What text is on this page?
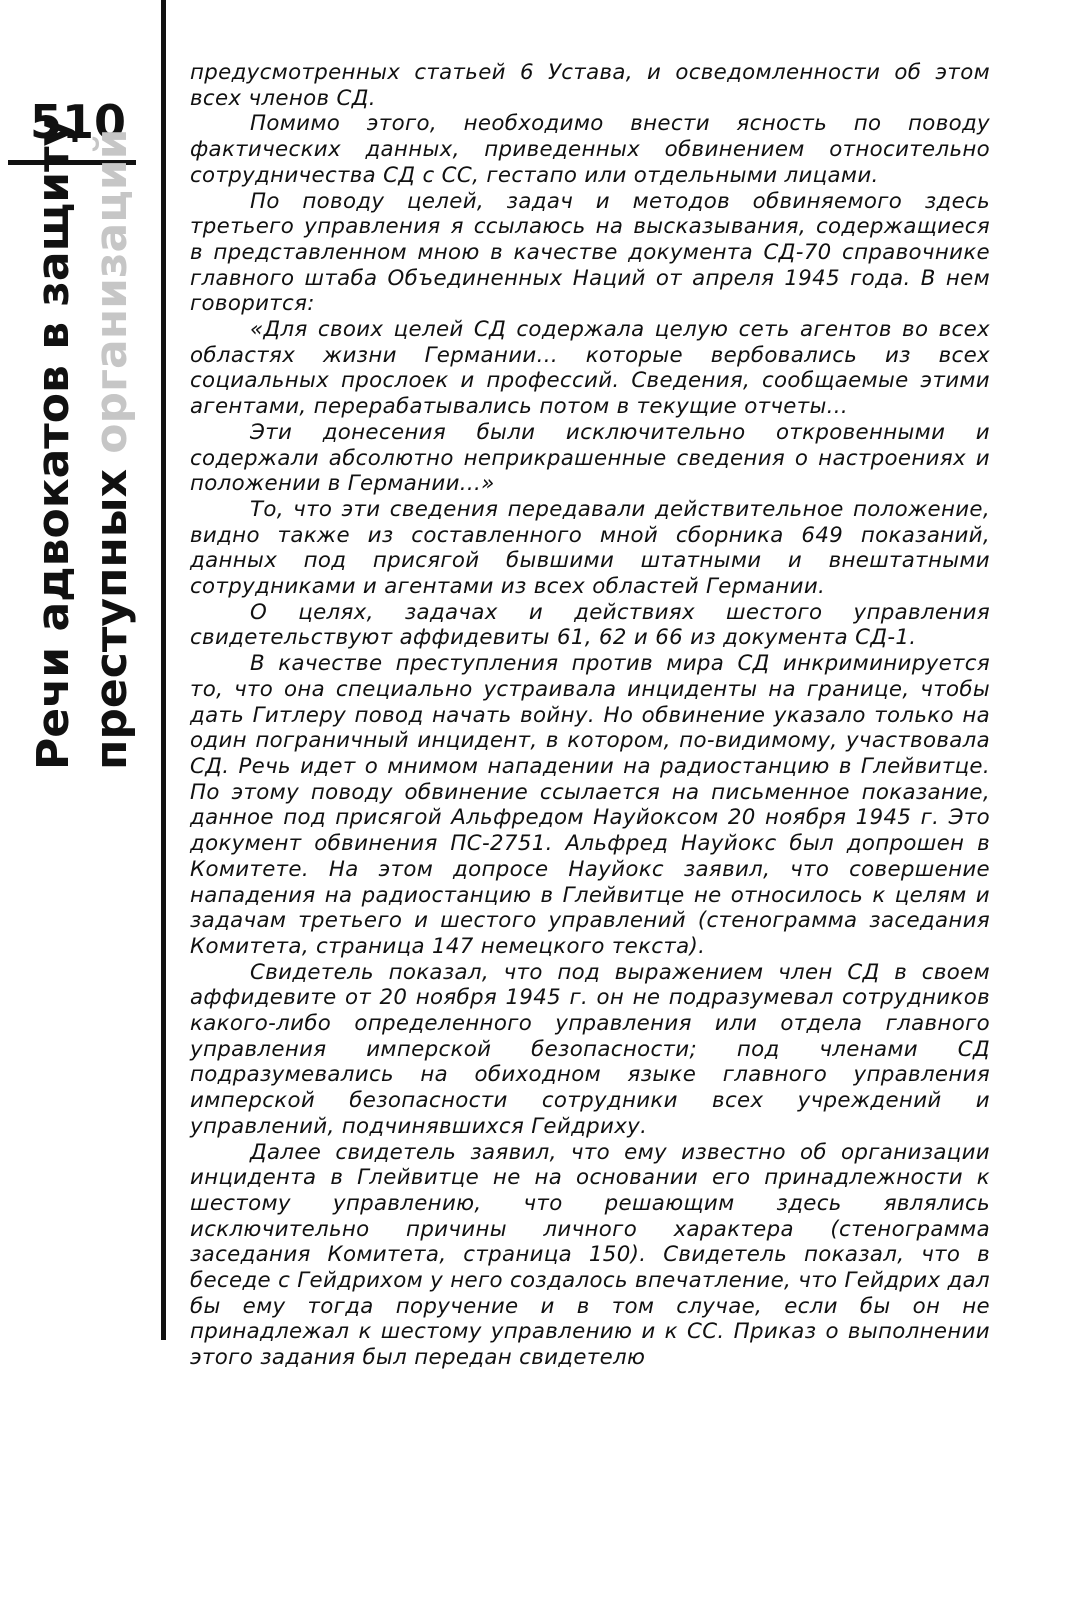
510
Речи адвокатов в защиту преступных организаций

предусмотренных статьей 6 Устава, и осведомленности об этом всех членов СД.

Помимо этого, необходимо внести ясность по поводу фактических данных, приведенных обвинением относительно сотрудничества СД с СС, гестапо или отдельными лицами.

По поводу целей, задач и методов обвиняемого здесь третьего управления я ссылаюсь на высказывания, содержащиеся в представленном мною в качестве документа СД-70 справочнике главного штаба Объединенных Наций от апреля 1945 года. В нем говорится:

«Для своих целей СД содержала целую сеть агентов во всех областях жизни Германии... которые вербовались из всех социальных прослоек и профессий. Сведения, сообщаемые этими агентами, перерабатывались потом в текущие отчеты...

Эти донесения были исключительно откровенными и содержали абсолютно неприкрашенные сведения о настроениях и положении в Германии...»

То, что эти сведения передавали действительное положение, видно также из составленного мной сборника 649 показаний, данных под присягой бывшими штатными и внештатными сотрудниками и агентами из всех областей Германии.

О целях, задачах и действиях шестого управления свидетельствуют аффидевиты 61, 62 и 66 из документа СД-1.

В качестве преступления против мира СД инкриминируется то, что она специально устраивала инциденты на границе, чтобы дать Гитлеру повод начать войну. Но обвинение указало только на один пограничный инцидент, в котором, по-видимому, участвовала СД. Речь идет о мнимом нападении на радиостанцию в Глейвитце. По этому поводу обвинение ссылается на письменное показание, данное под присягой Альфредом Науйоксом 20 ноября 1945 г. Это документ обвинения ПС-2751. Альфред Науйокс был допрошен в Комитете. На этом допросе Науйокс заявил, что совершение нападения на радиостанцию в Глейвитце не относилось к целям и задачам третьего и шестого управлений (стенограмма заседания Комитета, страница 147 немецкого текста).

Свидетель показал, что под выражением член СД в своем аффидевите от 20 ноября 1945 г. он не подразумевал сотрудников какого-либо определенного управления или отдела главного управления имперской безопасности; под членами СД подразумевались на обиходном языке главного управления имперской безопасности сотрудники всех учреждений и управлений, подчинявшихся Гейдриху.

Далее свидетель заявил, что ему известно об организации инцидента в Глейвитце не на основании его принадлежности к шестому управлению, что решающим здесь являлись исключительно причины личного характера (стенограмма заседания Комитета, страница 150). Свидетель показал, что в беседе с Гейдрихом у него создалось впечатление, что Гейдрих дал бы ему тогда поручение и в том случае, если бы он не принадлежал к шестому управлению и к СС. Приказ о выполнении этого задания был передан свидетелю
